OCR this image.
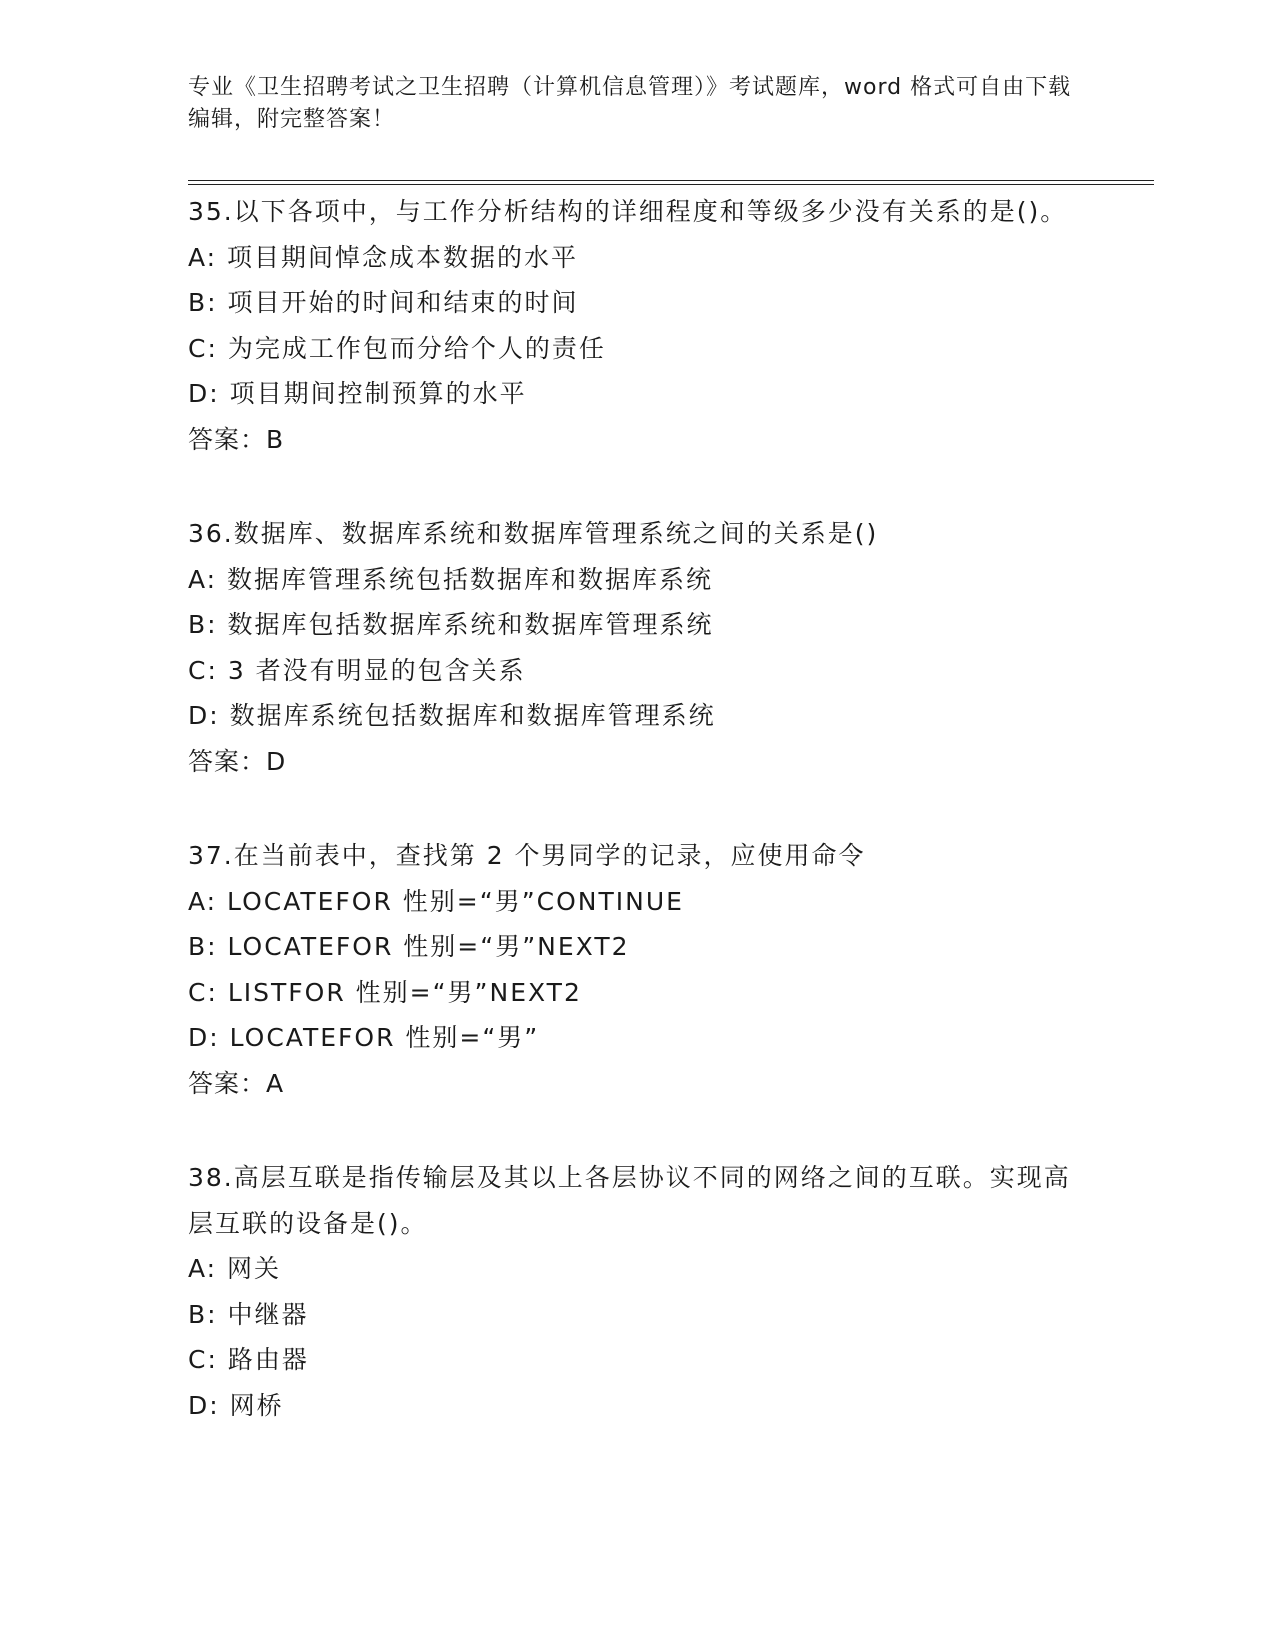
专业《卫生招聘考试之卫生招聘（计算机信息管理）》考试题库，word 格式可自由下载编辑，附完整答案！
35.以下各项中，与工作分析结构的详细程度和等级多少没有关系的是()。
A: 项目期间悼念成本数据的水平
B: 项目开始的时间和结束的时间
C: 为完成工作包而分给个人的责任
D: 项目期间控制预算的水平
答案：B
36.数据库、数据库系统和数据库管理系统之间的关系是()
A: 数据库管理系统包括数据库和数据库系统
B: 数据库包括数据库系统和数据库管理系统
C: 3 者没有明显的包含关系
D: 数据库系统包括数据库和数据库管理系统
答案：D
37.在当前表中，查找第 2 个男同学的记录，应使用命令
A: LOCATEFOR 性别=“男”CONTINUE
B: LOCATEFOR 性别=“男”NEXT2
C: LISTFOR 性别=“男”NEXT2
D: LOCATEFOR 性别=“男”
答案：A
38.高层互联是指传输层及其以上各层协议不同的网络之间的互联。实现高层互联的设备是()。
A: 网关
B: 中继器
C: 路由器
D: 网桥
